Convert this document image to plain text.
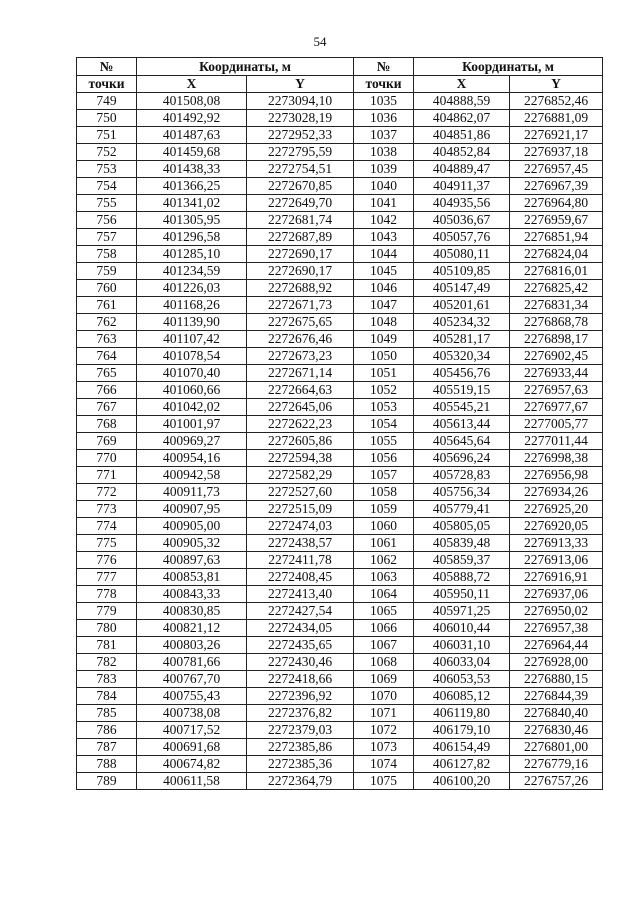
54
№	Координаты, м		№	Координаты, м	
точки	X	Y	точки	X	Y
749	401508,08	2273094,10	1035	404888,59	2276852,46
750	401492,92	2273028,19	1036	404862,07	2276881,09
751	401487,63	2272952,33	1037	404851,86	2276921,17
752	401459,68	2272795,59	1038	404852,84	2276937,18
753	401438,33	2272754,51	1039	404889,47	2276957,45
754	401366,25	2272670,85	1040	404911,37	2276967,39
755	401341,02	2272649,70	1041	404935,56	2276964,80
756	401305,95	2272681,74	1042	405036,67	2276959,67
757	401296,58	2272687,89	1043	405057,76	2276851,94
758	401285,10	2272690,17	1044	405080,11	2276824,04
759	401234,59	2272690,17	1045	405109,85	2276816,01
760	401226,03	2272688,92	1046	405147,49	2276825,42
761	401168,26	2272671,73	1047	405201,61	2276831,34
762	401139,90	2272675,65	1048	405234,32	2276868,78
763	401107,42	2272676,46	1049	405281,17	2276898,17
764	401078,54	2272673,23	1050	405320,34	2276902,45
765	401070,40	2272671,14	1051	405456,76	2276933,44
766	401060,66	2272664,63	1052	405519,15	2276957,63
767	401042,02	2272645,06	1053	405545,21	2276977,67
768	401001,97	2272622,23	1054	405613,44	2277005,77
769	400969,27	2272605,86	1055	405645,64	2277011,44
770	400954,16	2272594,38	1056	405696,24	2276998,38
771	400942,58	2272582,29	1057	405728,83	2276956,98
772	400911,73	2272527,60	1058	405756,34	2276934,26
773	400907,95	2272515,09	1059	405779,41	2276925,20
774	400905,00	2272474,03	1060	405805,05	2276920,05
775	400905,32	2272438,57	1061	405839,48	2276913,33
776	400897,63	2272411,78	1062	405859,37	2276913,06
777	400853,81	2272408,45	1063	405888,72	2276916,91
778	400843,33	2272413,40	1064	405950,11	2276937,06
779	400830,85	2272427,54	1065	405971,25	2276950,02
780	400821,12	2272434,05	1066	406010,44	2276957,38
781	400803,26	2272435,65	1067	406031,10	2276964,44
782	400781,66	2272430,46	1068	406033,04	2276928,00
783	400767,70	2272418,66	1069	406053,53	2276880,15
784	400755,43	2272396,92	1070	406085,12	2276844,39
785	400738,08	2272376,82	1071	406119,80	2276840,40
786	400717,52	2272379,03	1072	406179,10	2276830,46
787	400691,68	2272385,86	1073	406154,49	2276801,00
788	400674,82	2272385,36	1074	406127,82	2276779,16
789	400611,58	2272364,79	1075	406100,20	2276757,26
